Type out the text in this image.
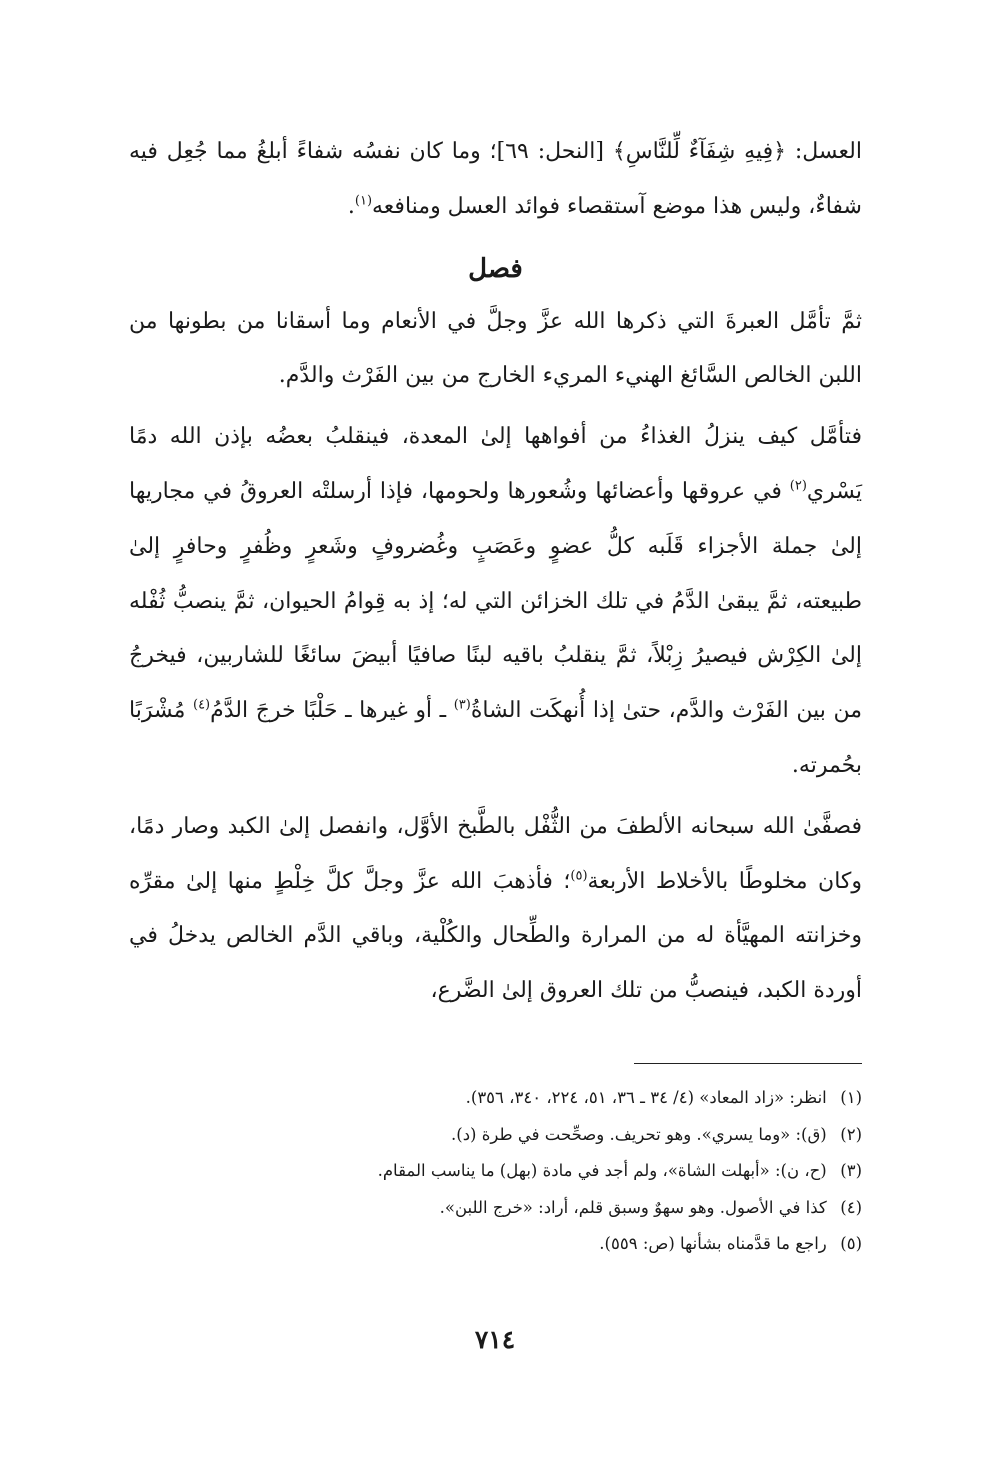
العسل: ﴿فِيهِ شِفَآءٌ لِّلنَّاسِ﴾ [النحل: ٦٩]؛ وما كان نفسُه شفاءً أبلغُ مما جُعِل فيه شفاءٌ، وليس هذا موضع آستقصاء فوائد العسل ومنافعه$^{(١)}$.

فصل

ثمَّ تأمَّل العبرةَ التي ذكرها الله عزَّ وجلَّ في الأنعام وما أسقانا من بطونها من اللبن الخالص السَّائغ الهنيء المريء الخارج من بين الفَرْث والدَّم.

فتأمَّل كيف ينزلُ الغذاءُ من أفواهها إلىٰ المعدة، فينقلبُ بعضُه بإذن الله دمًا يَسْري$^{(٢)}$ في عروقها وأعضائها وشُعورها ولحومها، فإذا أرسلتْه العروقُ في مجاريها إلىٰ جملة الأجزاء قَلَبه كلُّ عضوٍ وعَصَبٍ وغُضروفٍ وشَعرٍ وظُفرٍ وحافرٍ إلىٰ طبيعته، ثمَّ يبقىٰ الدَّمُ في تلك الخزائن التي له؛ إذ به قِوامُ الحيوان، ثمَّ ينصبُّ ثُفْله إلىٰ الكِرْش فيصيرُ زِبْلاً، ثمَّ ينقلبُ باقيه لبنًا صافيًا أبيضَ سائغًا للشاربين، فيخرجُ من بين الفَرْث والدَّم، حتىٰ إذا أُنهكَت الشاةُ$^{(٣)}$ ـ أو غيرها ـ حَلْبًا خرجَ الدَّمُ$^{(٤)}$ مُشْرَبًا بحُمرته.

فصفَّىٰ الله سبحانه الألطفَ من الثُّفْل بالطَّبخ الأوَّل، وانفصل إلىٰ الكبد وصار دمًا، وكان مخلوطًا بالأخلاط الأربعة$^{(٥)}$؛ فأذهبَ الله عزَّ وجلَّ كلَّ خِلْطٍ منها إلىٰ مقرِّه وخزانته المهيَّأة له من المرارة والطِّحال والكُلْية، وباقي الدَّم الخالص يدخلُ في أوردة الكبد، فينصبُّ من تلك العروق إلىٰ الضَّرع،

(١) انظر: «زاد المعاد» (٤/ ٣٤ ـ ٣٦، ٥١، ٢٢٤، ٣٤٠، ٣٥٦).

(٢) (ق): «وما يسري». وهو تحريف. وصحِّحت في طرة (د).

(٣) (ح، ن): «أبهلت الشاة»، ولم أجد في مادة (بهل) ما يناسب المقام.

(٤) كذا في الأصول. وهو سهوٌ وسبق قلم، أراد: «خرج اللبن».

(٥) راجع ما قدَّمناه بشأنها (ص: ٥٥٩).

٧١٤
